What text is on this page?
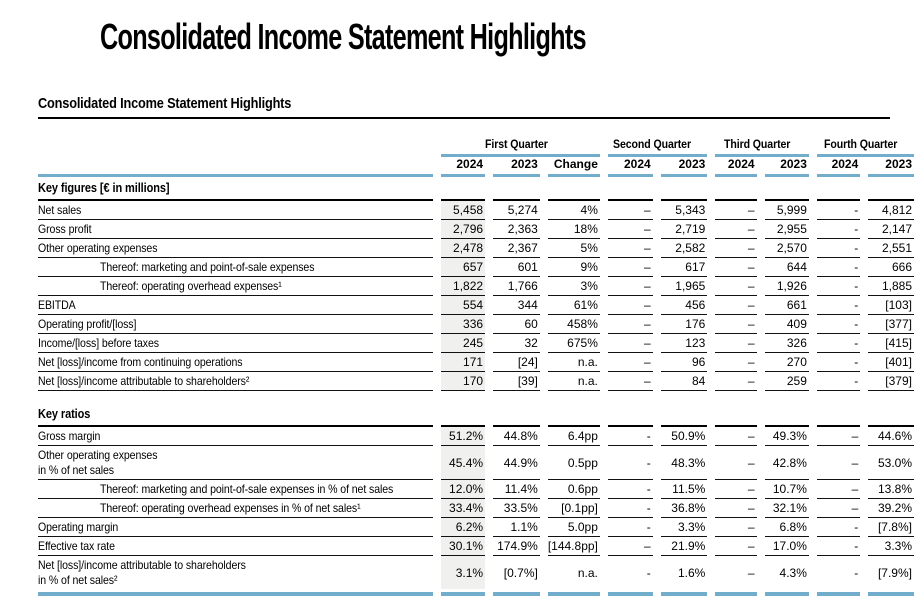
Consolidated Income Statement Highlights
Consolidated Income Statement Highlights
	First Quarter			Second Quarter		Third Quarter		Fourth Quarter	
	2024	2023	Change	2024	2023	2024	2023	2024	2023
Key figures [€ in millions]									

Net sales	5,458	5,274	4%	–	5,343	–	5,999	-	4,812

Gross profit	2,796	2,363	18%	–	2,719	–	2,955	-	2,147

Other operating expenses	2,478	2,367	5%	–	2,582	–	2,570	-	2,551

Thereof: marketing and point-of-sale expenses	657	601	9%	–	617	–	644	-	666

Thereof: operating overhead expenses¹	1,822	1,766	3%	–	1,965	–	1,926	-	1,885

EBITDA	554	344	61%	–	456	–	661	-	[103]

Operating profit/[loss]	336	60	458%	–	176	–	409	-	[377]

Income/[loss] before taxes	245	32	675%	–	123	–	326	-	[415]

Net [loss]/income from continuing operations	171	[24]	n.a.	–	96	–	270	-	[401]

Net [loss]/income attributable to shareholders²	170	[39]	n.a.	–	84	–	259	-	[379]

Key ratios									

Gross margin	51.2%	44.8%	6.4pp	-	50.9%	–	49.3%	–	44.6%

Other operating expenses
in % of net sales	45.4%	44.9%	0.5pp	-	48.3%	–	42.8%	–	53.0%

Thereof: marketing and point-of-sale expenses in % of net sales	12.0%	11.4%	0.6pp	-	11.5%	–	10.7%	–	13.8%

Thereof: operating overhead expenses in % of net sales¹	33.4%	33.5%	[0.1pp]	-	36.8%	–	32.1%	–	39.2%

Operating margin	6.2%	1.1%	5.0pp	-	3.3%	–	6.8%	-	[7.8%]

Effective tax rate	30.1%	174.9%	[144.8pp]	–	21.9%	–	17.0%	-	3.3%

Net [loss]/income attributable to shareholders
in % of net sales²	3.1%	[0.7%]	n.a.	-	1.6%	–	4.3%	-	[7.9%]
